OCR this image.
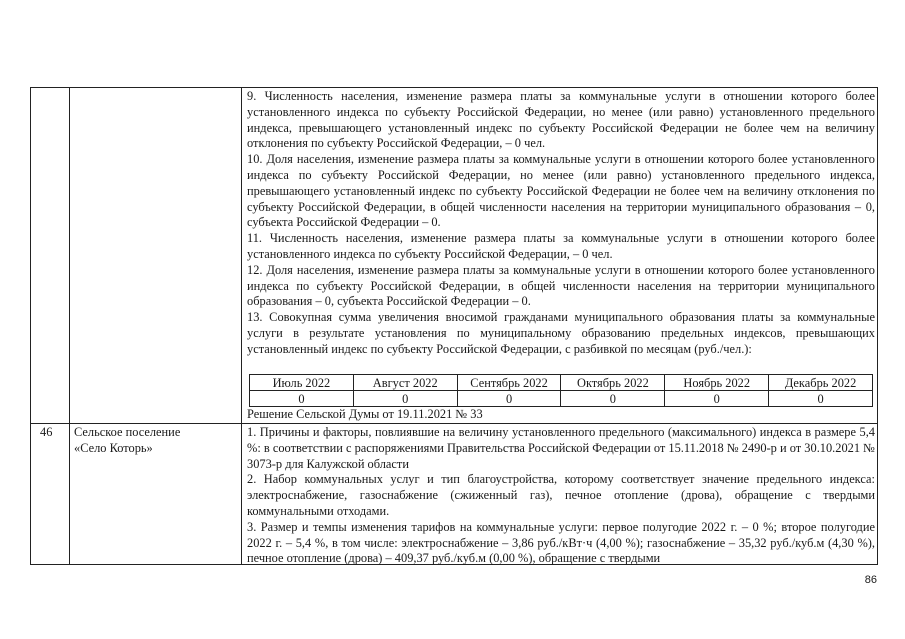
9. Численность населения, изменение размера платы за коммунальные услуги в отношении которого более установленного индекса по субъекту Российской Федерации, но менее (или равно) установленного предельного индекса, превышающего установленный индекс по субъекту Российской Федерации не более чем на величину отклонения по субъекту Российской Федерации, – 0 чел.

10. Доля населения, изменение размера платы за коммунальные услуги в отношении которого более установленного индекса по субъекту Российской Федерации, но менее (или равно) установленного предельного индекса, превышающего установленный индекс по субъекту Российской Федерации не более чем на величину отклонения по субъекту Российской Федерации, в общей численности населения на территории муниципального образования – 0, субъекта Российской Федерации – 0.

11. Численность населения, изменение размера платы за коммунальные услуги в отношении которого более установленного индекса по субъекту Российской Федерации, – 0 чел.

12. Доля населения, изменение размера платы за коммунальные услуги в отношении которого более установленного индекса по субъекту Российской Федерации, в общей численности населения на территории муниципального образования – 0, субъекта Российской Федерации – 0.

13. Совокупная сумма увеличения вносимой гражданами муниципального образования платы за коммунальные услуги в результате установления по муниципальному образованию предельных индексов, превышающих установленный индекс по субъекту Российской Федерации, с разбивкой по месяцам (руб./чел.):

Июль 2022	Август 2022	Сентябрь 2022	Октябрь 2022	Ноябрь 2022	Декабрь 2022
0	0	0	0	0	0
Решение Сельской Думы от 19.11.2021 № 33
46 Сельское поселение
«Село Которь»

1. Причины и факторы, повлиявшие на величину установленного предельного (максимального) индекса в размере 5,4 %: в соответствии с распоряжениями Правительства Российской Федерации от 15.11.2018 № 2490-р и от 30.10.2021 № 3073-р для Калужской области

2. Набор коммунальных услуг и тип благоустройства, которому соответствует значение предельного индекса: электроснабжение, газоснабжение (сжиженный газ), печное отопление (дрова), обращение с твердыми коммунальными отходами.

3. Размер и темпы изменения тарифов на коммунальные услуги: первое полугодие 2022 г. – 0 %; второе полугодие 2022 г. – 5,4 %, в том числе: электроснабжение – 3,86 руб./кВт·ч (4,00 %); газоснабжение – 35,32 руб./куб.м (4,30 %), печное отопление (дрова) – 409,37 руб./куб.м (0,00 %), обращение с твердыми

86
